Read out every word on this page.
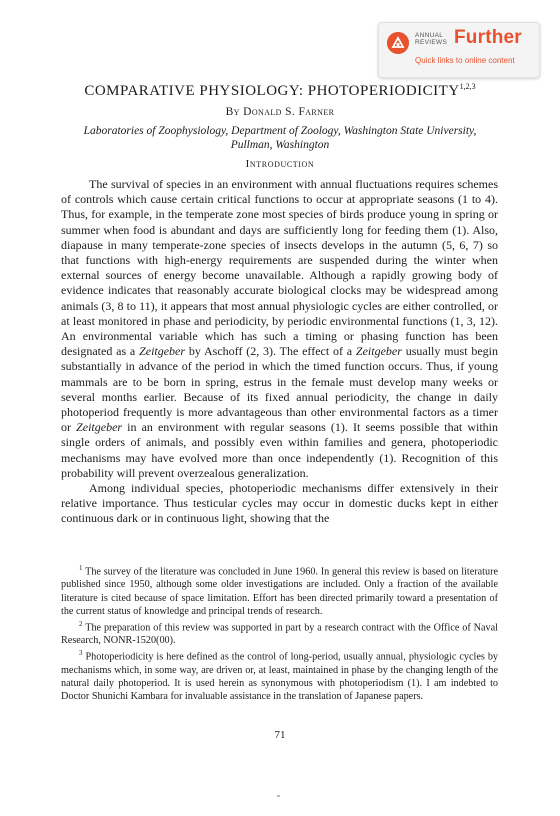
ANNUAL
REVIEWS Further
Quick links to online content
COMPARATIVE PHYSIOLOGY: PHOTOPERIODICITY$^{1,2,3}$
By Donald S. Farner
Laboratories of Zoophysiology, Department of Zoology, Washington State University,
Pullman, Washington
Introduction

The survival of species in an environment with annual fluctuations requires schemes of controls which cause certain critical functions to occur at appropriate seasons (1 to 4). Thus, for example, in the temperate zone most species of birds produce young in spring or summer when food is abundant and days are sufficiently long for feeding them (1). Also, diapause in many temperate-zone species of insects develops in the autumn (5, 6, 7) so that functions with high-energy requirements are suspended during the winter when external sources of energy become unavailable. Although a rapidly growing body of evidence indicates that reasonably accurate biological clocks may be widespread among animals (3, 8 to 11), it appears that most annual physiologic cycles are either controlled, or at least monitored in phase and periodicity, by periodic environmental functions (1, 3, 12). An environmental variable which has such a timing or phasing function has been designated as a Zeitgeber by Aschoff (2, 3). The effect of a Zeitgeber usually must begin substantially in advance of the period in which the timed function occurs. Thus, if young mammals are to be born in spring, estrus in the female must develop many weeks or several months earlier. Because of its fixed annual periodicity, the change in daily photoperiod frequently is more advantageous than other environmental factors as a timer or Zeitgeber in an environment with regular seasons (1). It seems possible that within single orders of animals, and possibly even within families and genera, photoperiodic mechanisms may have evolved more than once independently (1). Recognition of this probability will prevent overzealous generalization.

Among individual species, photoperiodic mechanisms differ extensively in their relative importance. Thus testicular cycles may occur in domestic ducks kept in either continuous dark or in continuous light, showing that the

$^1$ The survey of the literature was concluded in June 1960. In general this review is based on literature published since 1950, although some older investigations are included. Only a fraction of the available literature is cited because of space limitation. Effort has been directed primarily toward a presentation of the current status of knowledge and principal trends of research.

$^2$ The preparation of this review was supported in part by a research contract with the Office of Naval Research, NONR-1520(00).

$^3$ Photoperiodicity is here defined as the control of long-period, usually annual, physiologic cycles by mechanisms which, in some way, are driven or, at least, maintained in phase by the changing length of the natural daily photoperiod. It is used herein as synonymous with photoperiodism (1). I am indebted to Doctor Shunichi Kambara for invaluable assistance in the translation of Japanese papers.

71
